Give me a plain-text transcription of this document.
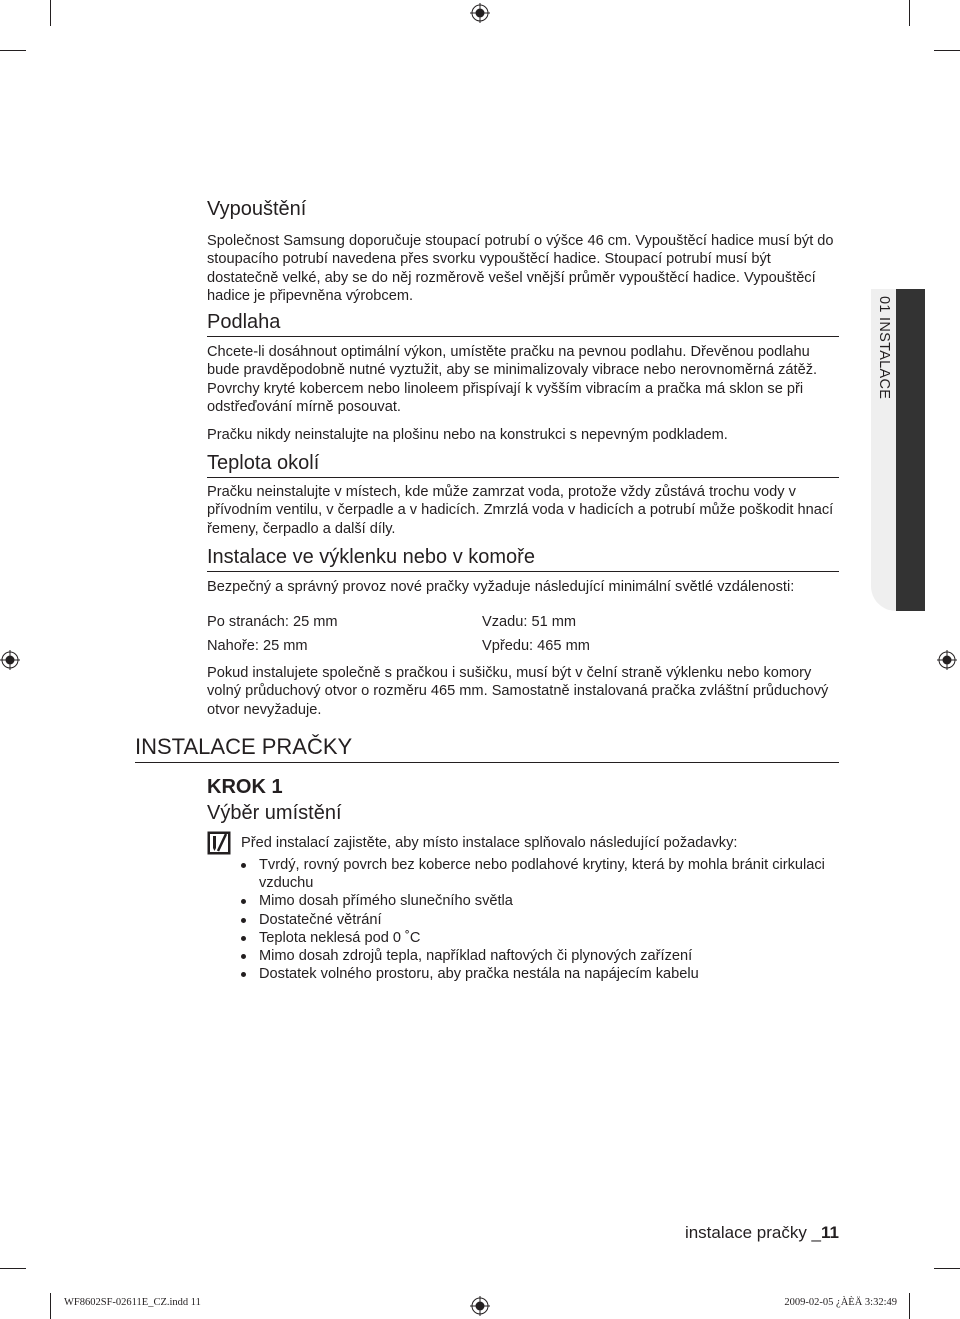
01 INSTALACE
Vypouštění

Společnost Samsung doporučuje stoupací potrubí o výšce 46 cm. Vypouštěcí hadice musí být do stoupacího potrubí navedena přes svorku vypouštěcí hadice. Stoupací potrubí musí být dostatečně velké, aby se do něj rozměrově vešel vnější průměr vypouštěcí hadice. Vypouštěcí hadice je připevněna výrobcem.

Podlaha

Chcete-li dosáhnout optimální výkon, umístěte pračku na pevnou podlahu. Dřevěnou podlahu bude pravděpodobně nutné vyztužit, aby se minimalizovaly vibrace nebo nerovnoměrná zátěž. Povrchy kryté kobercem nebo linoleem přispívají k vyšším vibracím a pračka má sklon se při odstřeďování mírně posouvat.

Pračku nikdy neinstalujte na plošinu nebo na konstrukci s nepevným podkladem.

Teplota okolí

Pračku neinstalujte v místech, kde může zamrzat voda, protože vždy zůstává trochu vody v přívodním ventilu, v čerpadle a v hadicích. Zmrzlá voda v hadicích a potrubí může poškodit hnací řemeny, čerpadlo a další díly.

Instalace ve výklenku nebo v komoře

Bezpečný a správný provoz nové pračky vyžaduje následující minimální světlé vzdálenosti:

Po stranách: 25 mm	Vzadu: 51 mm
Nahoře: 25 mm	Vpředu: 465 mm

Pokud instalujete společně s pračkou i sušičku, musí být v čelní straně výklenku nebo komory volný průduchový otvor o rozměru 465 mm. Samostatně instalovaná pračka zvláštní průduchový otvor nevyžaduje.

INSTALACE PRAČKY
KROK 1
Výběr umístění

Před instalací zajistěte, aby místo instalace splňovalo následující požadavky:

Tvrdý, rovný povrch bez koberce nebo podlahové krytiny, která by mohla bránit cirkulaci vzduchu
Mimo dosah přímého slunečního světla
Dostatečné větrání
Teplota neklesá pod 0 ˚C
Mimo dosah zdrojů tepla, například naftových či plynových zařízení
Dostatek volného prostoru, aby pračka nestála na napájecím kabelu
instalace pračky _11
WF8602SF-02611E_CZ.indd 11	2009-02-05 ¿ÀÈÄ 3:32:49
